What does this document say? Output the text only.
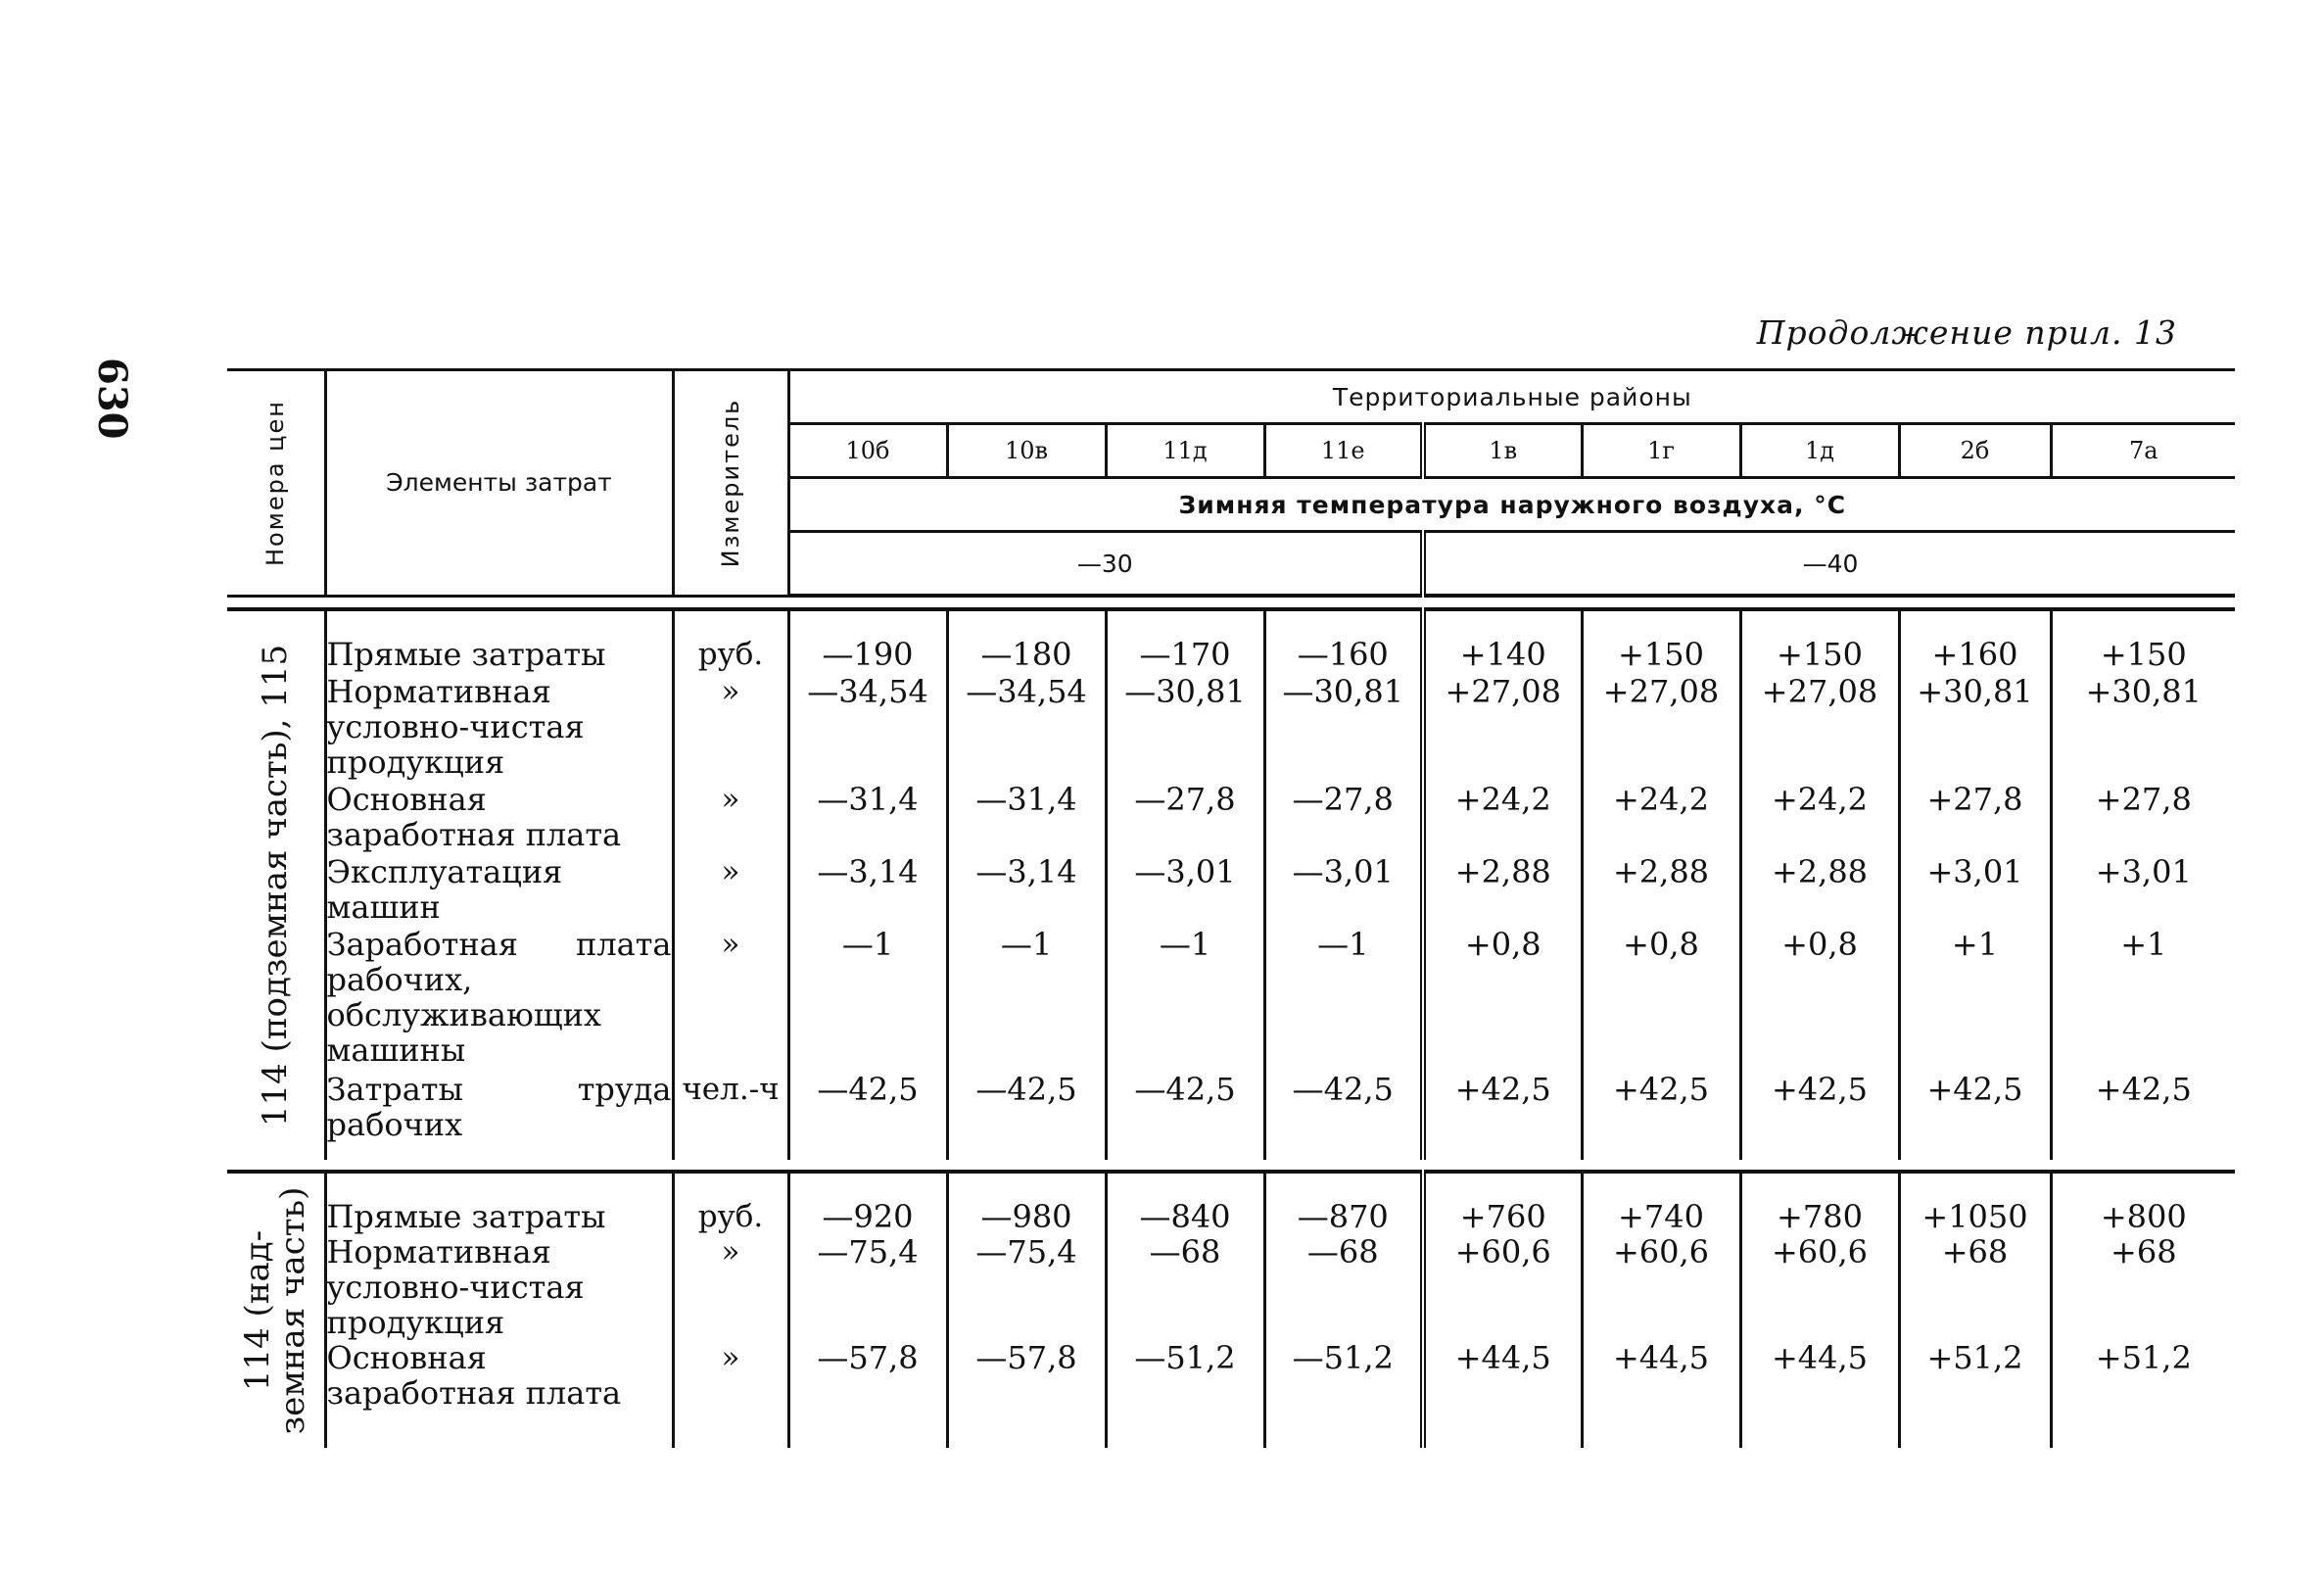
630
Продолжение прил. 13
Номера цен	Элементы затрат	Измеритель	Территориальные районы								
			10б	10в	11д	11е	1в	1г	1д	2б	7а
			Зимняя температура наружного воздуха, °С								
			—30				—40				

114 (подземная часть), 115	Прямые затраты	руб.	—190	—180	—170	—160	+140	+150	+150	+160	+150
	Нормативная условно-чистая продукция	»	—34,54	—34,54	—30,81	—30,81	+27,08	+27,08	+27,08	+30,81	+30,81
	Основная заработная плата	»	—31,4	—31,4	—27,8	—27,8	+24,2	+24,2	+24,2	+27,8	+27,8
	Эксплуатация машин	»	—3,14	—3,14	—3,01	—3,01	+2,88	+2,88	+2,88	+3,01	+3,01
	Заработная плата рабочих, обслуживающих машины	»	—1	—1	—1	—1	+0,8	+0,8	+0,8	+1	+1
	Затраты труда рабочих	чел.-ч	—42,5	—42,5	—42,5	—42,5	+42,5	+42,5	+42,5	+42,5	+42,5

114 (над-
земная часть)	Прямые затраты	руб.	—920	—980	—840	—870	+760	+740	+780	+1050	+800
	Нормативная условно-чистая продукция	»	—75,4	—75,4	—68	—68	+60,6	+60,6	+60,6	+68	+68
	Основная заработная плата	»	—57,8	—57,8	—51,2	—51,2	+44,5	+44,5	+44,5	+51,2	+51,2
